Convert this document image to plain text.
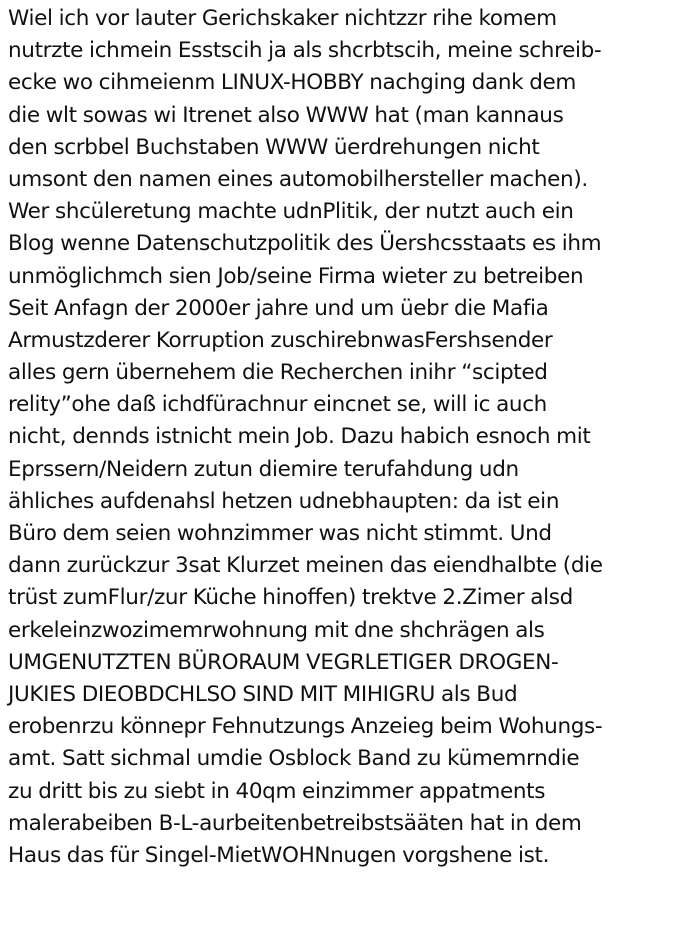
Wiel ich vor lauter Gerichskaker nichtzzr rihe komem
nutrzte ichmein Esstscih ja als shcrbtscih, meine schreib-
ecke wo cihmeienm LINUX-HOBBY nachging dank dem
die wlt sowas wi Itrenet also WWW hat (man kannaus
den scrbbel Buchstaben WWW üerdrehungen nicht
umsont den namen eines automobilhersteller machen).
Wer shcüleretung machte udnPlitik, der nutzt auch ein
Blog wenne Datenschutzpolitik des Üershcsstaats es ihm
unmöglichmch sien Job/seine Firma wieter zu betreiben
Seit Anfagn der 2000er jahre und um üebr die Mafia
Armustzderer Korruption zuschirebnwasFershsender
alles gern übernehem die Recherchen inihr “scipted
relity”ohe daß ichdfürachnur eincnet se, will ic auch
nicht, dennds istnicht mein Job. Dazu habich esnoch mit
Eprssern/Neidern zutun diemire terufahdung udn
ähliches aufdenahsl hetzen udnebhaupten: da ist ein
Büro dem seien wohnzimmer was nicht stimmt. Und
dann zurückzur 3sat Klurzet meinen das eiendhalbte (die
trüst zumFlur/zur Küche hinoffen) trektve 2.Zimer alsd
erkeleinzwozimemrwohnung mit dne shchrägen als
UMGENUTZTEN BÜRORAUM VEGRLETIGER DROGEN-
JUKIES DIEOBDCHLSO SIND MIT MIHIGRU als Bud
erobenrzu könnepr Fehnutzungs Anzeieg beim Wohungs-
amt. Satt sichmal umdie Osblock Band zu kümemrndie
zu dritt bis zu siebt in 40qm einzimmer appatments
malerabeiben B-L-aurbeitenbetreibstsääten hat in dem
Haus das für Singel-MietWOHNnugen vorgshene ist.
